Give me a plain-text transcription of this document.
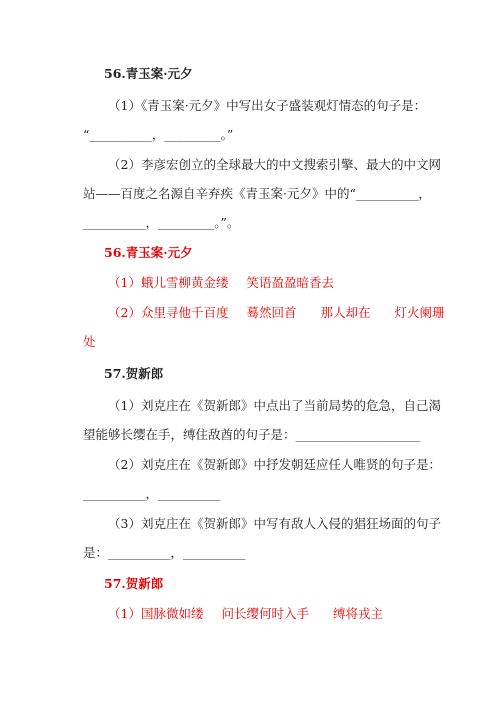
56.青玉案·元夕
（1）《青玉案·元夕》中写出女子盛装观灯情态的句子是：
“__________，_________。”
（2）李彦宏创立的全球最大的中文搜索引擎、最大的中文网
站——百度之名源自辛弃疾《青玉案·元夕》中的“__________，
__________，_________。”。
56.青玉案·元夕
（1）蛾儿雪柳黄金缕 笑语盈盈暗香去
（2）众里寻他千百度 蓦然回首 那人却在 灯火阑珊
处
57.贺新郎
（1）刘克庄在《贺新郎》中点出了当前局势的危急，自己渴
望能够长缨在手，缚住敌酋的句子是：____________________
（2）刘克庄在《贺新郎》中抒发朝廷应任人唯贤的句子是：
__________，__________
（3）刘克庄在《贺新郎》中写有敌人入侵的猖狂场面的句子
是：__________，__________
57.贺新郎
（1）国脉微如缕 问长缨何时入手 缚将戎主
